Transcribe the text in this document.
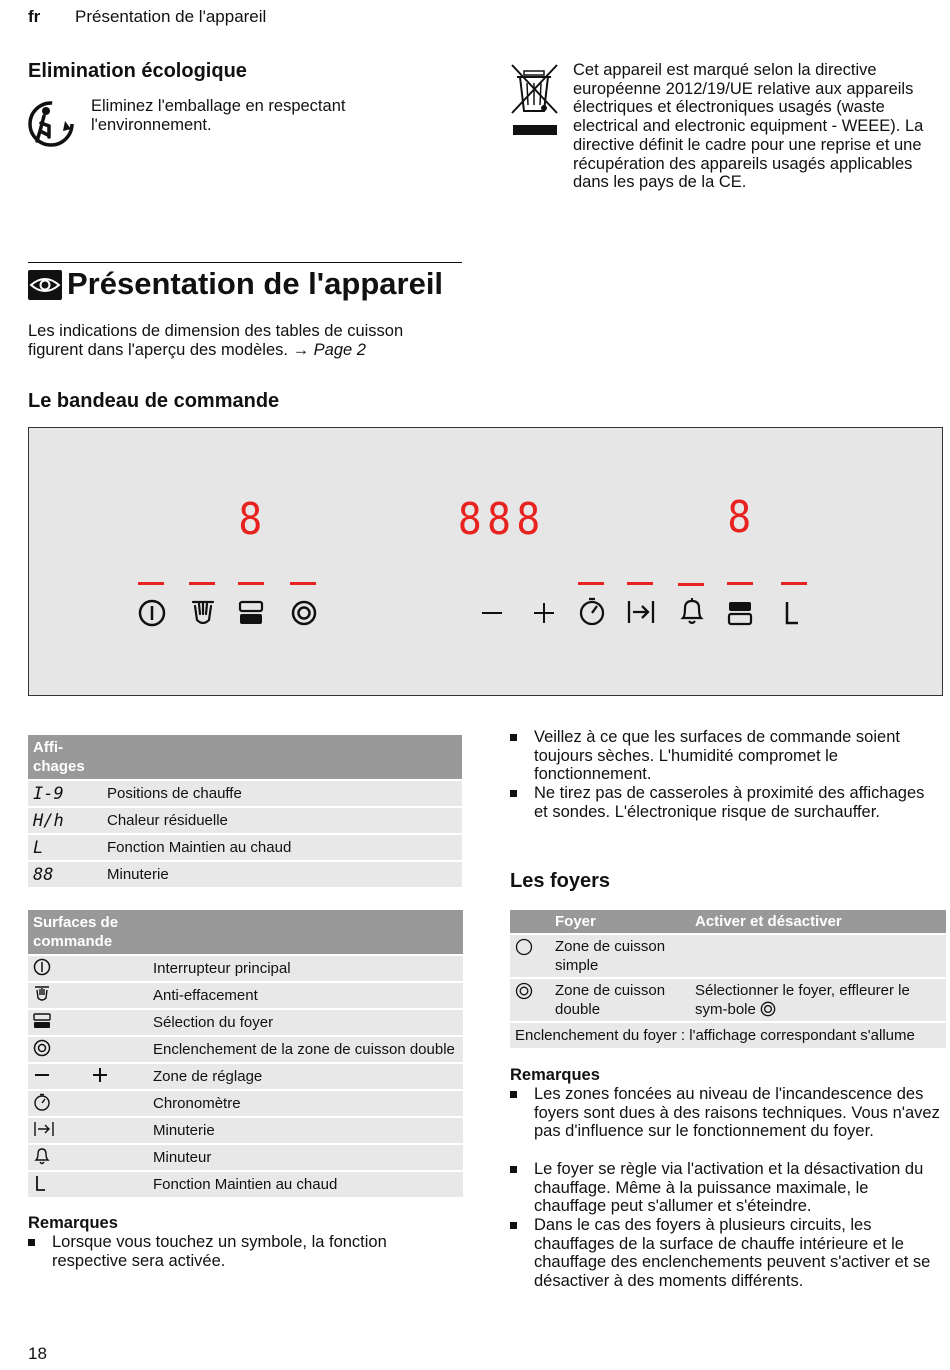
fr Présentation de l'appareil
Elimination écologique
Eliminez l'emballage en respectant l'environnement.
Cet appareil est marqué selon la directive européenne 2012/19/UE relative aux appareils électriques et électroniques usagés (waste electrical and electronic equipment - WEEE). La directive définit le cadre pour une reprise et une récupération des appareils usagés applicables dans les pays de la CE.
Présentation de l'appareil
Les indications de dimension des tables de cuisson figurent dans l'aperçu des modèles. → Page 2
Le bandeau de commande
8	888	8
Affi-
chages	
I-9	Positions de chauffe
H/h	Chaleur résiduelle
L	Fonction Maintien au chaud
88	Minuterie
Surfaces de
commande	
	Interrupteur principal
	Anti-effacement
	Sélection du foyer
	Enclenchement de la zone de cuisson double
	Zone de réglage
	Chronomètre
	Minuterie
	Minuteur
	Fonction Maintien au chaud
Remarques
Lorsque vous touchez un symbole, la fonction respective sera activée.
Veillez à ce que les surfaces de commande soient toujours sèches. L'humidité compromet le fonctionnement.
Ne tirez pas de casseroles à proximité des affichages et sondes. L'électronique risque de surchauffer.
Les foyers
	Foyer	Activer et désactiver
	Zone de cuisson simple	
	Zone de cuisson double	Sélectionner le foyer, effleurer le sym-bole
Enclenchement du foyer : l'affichage correspondant s'allume		
Remarques
Les zones foncées au niveau de l'incandescence des foyers sont dues à des raisons techniques. Vous n'avez pas d'influence sur le fonctionnement du foyer.
Le foyer se règle via l'activation et la désactivation du chauffage. Même à la puissance maximale, le chauffage peut s'allumer et s'éteindre.
Dans le cas des foyers à plusieurs circuits, les chauffages de la surface de chauffe intérieure et le chauffage des enclenchements peuvent s'activer et se désactiver à des moments différents.
18
